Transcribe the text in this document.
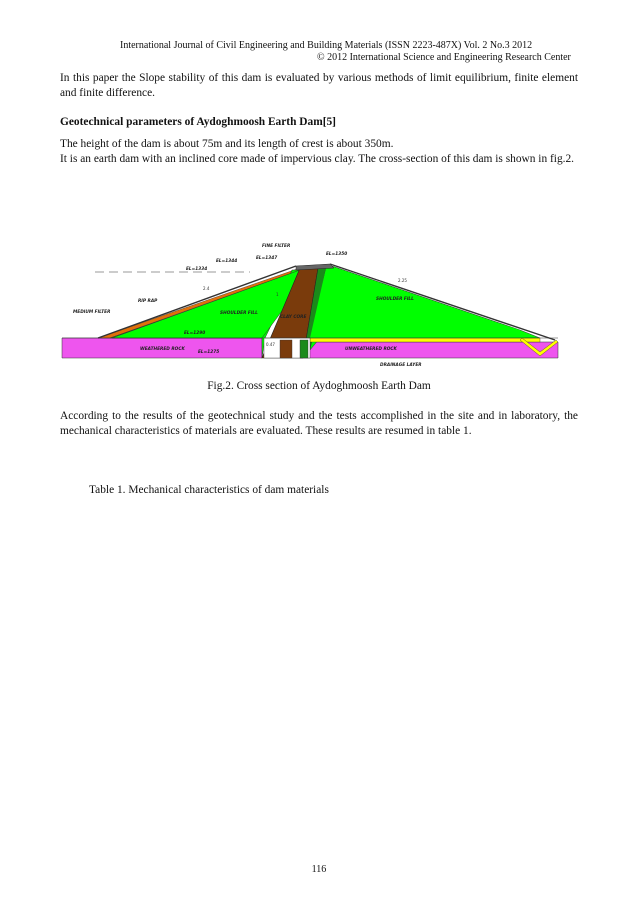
International Journal of Civil Engineering and Building Materials (ISSN 2223-487X) Vol. 2 No.3 2012
© 2012 International Science and Engineering Research Center

In this paper the Slope stability of this dam is evaluated by various methods of limit equilibrium, finite element and finite difference.

Geotechnical parameters of Aydoghmoosh Earth Dam[5]

The height of the dam is about 75m and its length of crest is about 350m.

It is an earth dam with an inclined core made of impervious clay. The cross-section of this dam is shown in fig.2.

FINE FILTER
EL=1350
EL=1347
EL=1344
EL=1334
RIP RAP
MEDIUM FILTER	SHOULDER FILL
SHOULDER FILL
CLAY CORE
EL=1290
WEATHERED ROCK
EL=1275
UNWEATHERED ROCK
DRAINAGE LAYER
2.4
2.25
1
0.47
Fig.2. Cross section of Aydoghmoosh Earth Dam

According to the results of the geotechnical study and the tests accomplished in the site and in laboratory, the mechanical characteristics of materials are evaluated. These results are resumed in table 1.

Table 1. Mechanical characteristics of dam materials
116
